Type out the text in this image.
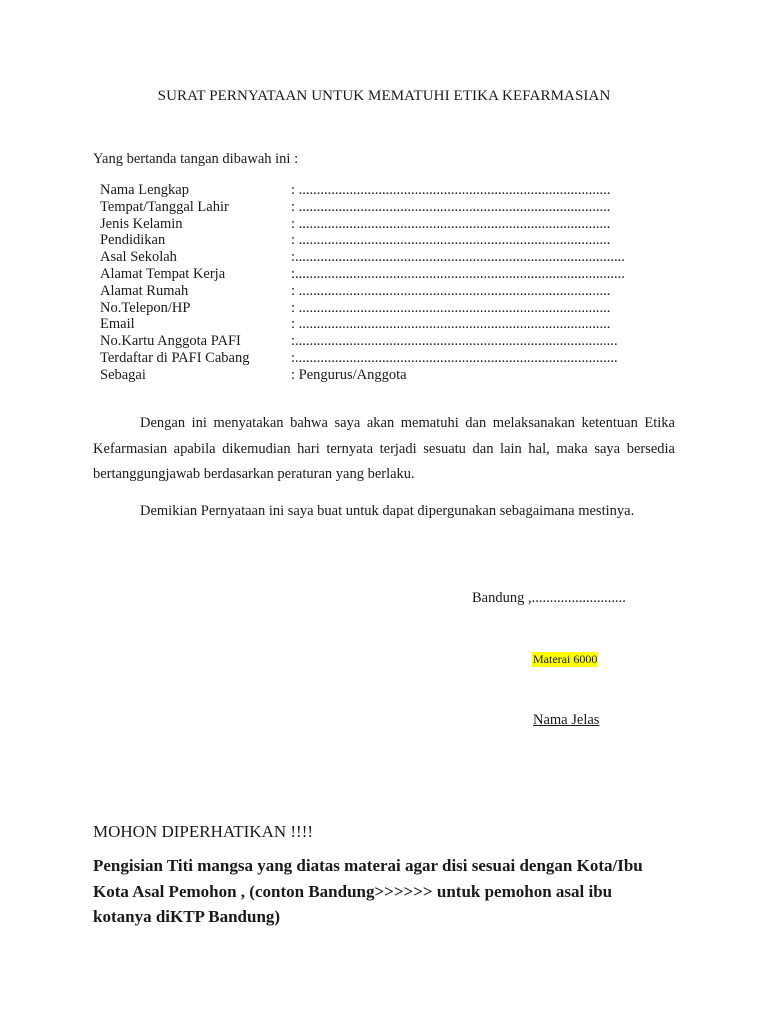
SURAT PERNYATAAN UNTUK MEMATUHI ETIKA KEFARMASIAN
Yang bertanda tangan dibawah ini :
Nama Lengkap	: ......................................................................................
Tempat/Tanggal Lahir	: ......................................................................................
Jenis Kelamin	: ......................................................................................
Pendidikan	: ......................................................................................
Asal Sekolah	:...........................................................................................
Alamat Tempat Kerja	:...........................................................................................
Alamat Rumah	: ......................................................................................
No.Telepon/HP	: ......................................................................................
Email	: ......................................................................................
No.Kartu Anggota PAFI	:.........................................................................................
Terdaftar di PAFI Cabang	:.........................................................................................
Sebagai	: Pengurus/Anggota
Dengan ini menyatakan bahwa saya akan mematuhi dan melaksanakan ketentuan Etika Kefarmasian apabila dikemudian hari ternyata terjadi sesuatu dan lain hal, maka saya bersedia bertanggungjawab berdasarkan peraturan yang berlaku.
Demikian Pernyataan ini saya buat untuk dapat dipergunakan sebagaimana mestinya.
Bandung ,..........................
Materai 6000
Nama Jelas
MOHON DIPERHATIKAN !!!!
Pengisian Titi mangsa yang diatas materai agar disi sesuai dengan Kota/Ibu Kota Asal Pemohon , (conton Bandung>>>>>> untuk pemohon asal ibu kotanya diKTP Bandung)
